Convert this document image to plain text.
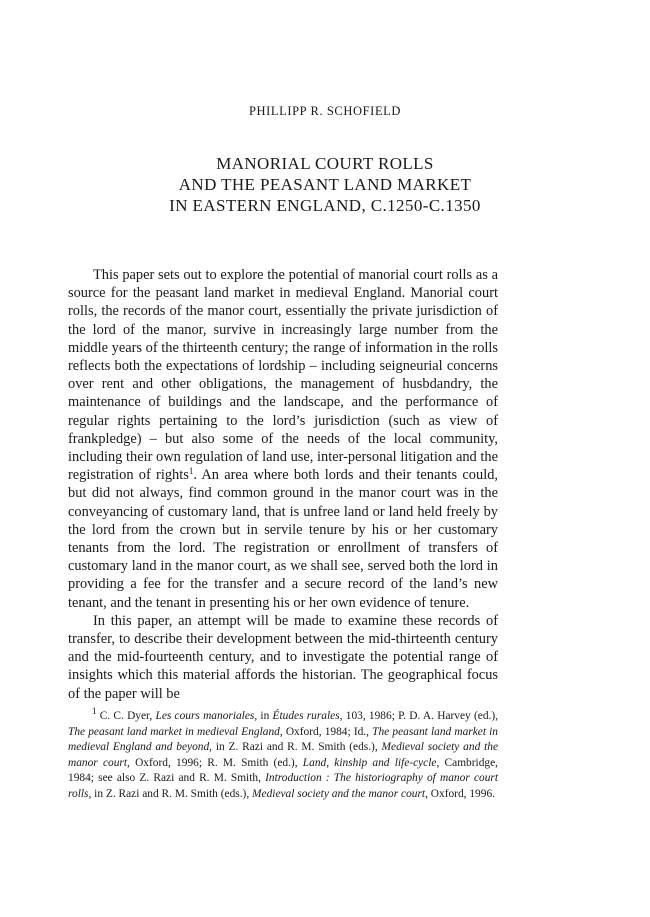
PHILLIPP R. SCHOFIELD
MANORIAL COURT ROLLS
AND THE PEASANT LAND MARKET
IN EASTERN ENGLAND, C.1250-C.1350

This paper sets out to explore the potential of manorial court rolls as a source for the peasant land market in medieval England. Manorial court rolls, the records of the manor court, essentially the private jurisdiction of the lord of the manor, survive in increasingly large number from the middle years of the thirteenth century; the range of information in the rolls reflects both the expectations of lordship – including seigneurial concerns over rent and other obligations, the management of husbdandry, the maintenance of buildings and the landscape, and the performance of regular rights pertaining to the lord’s jurisdiction (such as view of frankpledge) – but also some of the needs of the local community, including their own regulation of land use, inter-personal litigation and the registration of rights$^1$. An area where both lords and their tenants could, but did not always, find common ground in the manor court was in the conveyancing of customary land, that is unfree land or land held freely by the lord from the crown but in servile tenure by his or her customary tenants from the lord. The registration or enrollment of transfers of customary land in the manor court, as we shall see, served both the lord in providing a fee for the transfer and a secure record of the land’s new tenant, and the tenant in presenting his or her own evidence of tenure.

In this paper, an attempt will be made to examine these records of transfer, to describe their development between the mid-thirteenth century and the mid-fourteenth century, and to investigate the potential range of insights which this material affords the historian. The geographical focus of the paper will be

$^1$ C. C. Dyer, Les cours manoriales, in Études rurales, 103, 1986; P. D. A. Harvey (ed.), The peasant land market in medieval England, Oxford, 1984; Id., The peasant land market in medieval England and beyond, in Z. Razi and R. M. Smith (eds.), Medieval society and the manor court, Oxford, 1996; R. M. Smith (ed.), Land, kinship and life-cycle, Cambridge, 1984; see also Z. Razi and R. M. Smith, Introduction : The historiography of manor court rolls, in Z. Razi and R. M. Smith (eds.), Medieval society and the manor court, Oxford, 1996.
